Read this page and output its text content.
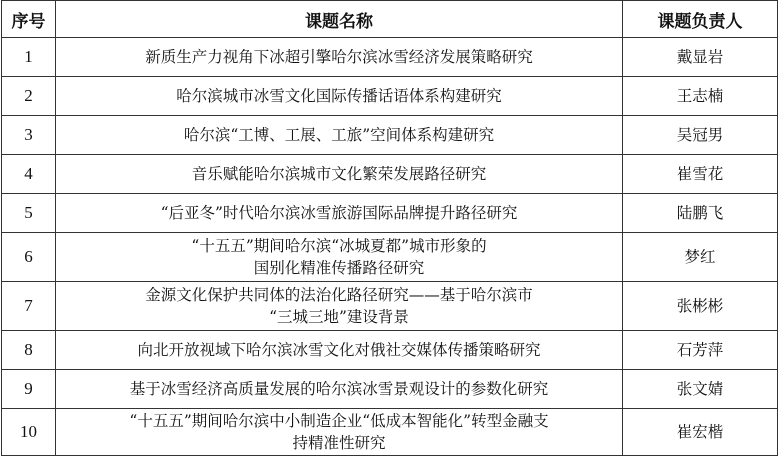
序号	课题名称	课题负责人
1	新质生产力视角下冰超引擎哈尔滨冰雪经济发展策略研究	戴显岩
2	哈尔滨城市冰雪文化国际传播话语体系构建研究	王志楠
3	哈尔滨“工博、工展、工旅”空间体系构建研究	吴冠男
4	音乐赋能哈尔滨城市文化繁荣发展路径研究	崔雪花
5	“后亚冬”时代哈尔滨冰雪旅游国际品牌提升路径研究	陆鹏飞
6	“十五五”期间哈尔滨“冰城夏都”城市形象的
国别化精准传播路径研究	梦红
7	金源文化保护共同体的法治化路径研究——基于哈尔滨市
“三城三地”建设背景	张彬彬
8	向北开放视域下哈尔滨冰雪文化对俄社交媒体传播策略研究	石芳萍
9	基于冰雪经济高质量发展的哈尔滨冰雪景观设计的参数化研究	张文婧
10	“十五五”期间哈尔滨中小制造企业“低成本智能化”转型金融支
持精准性研究	崔宏楷
